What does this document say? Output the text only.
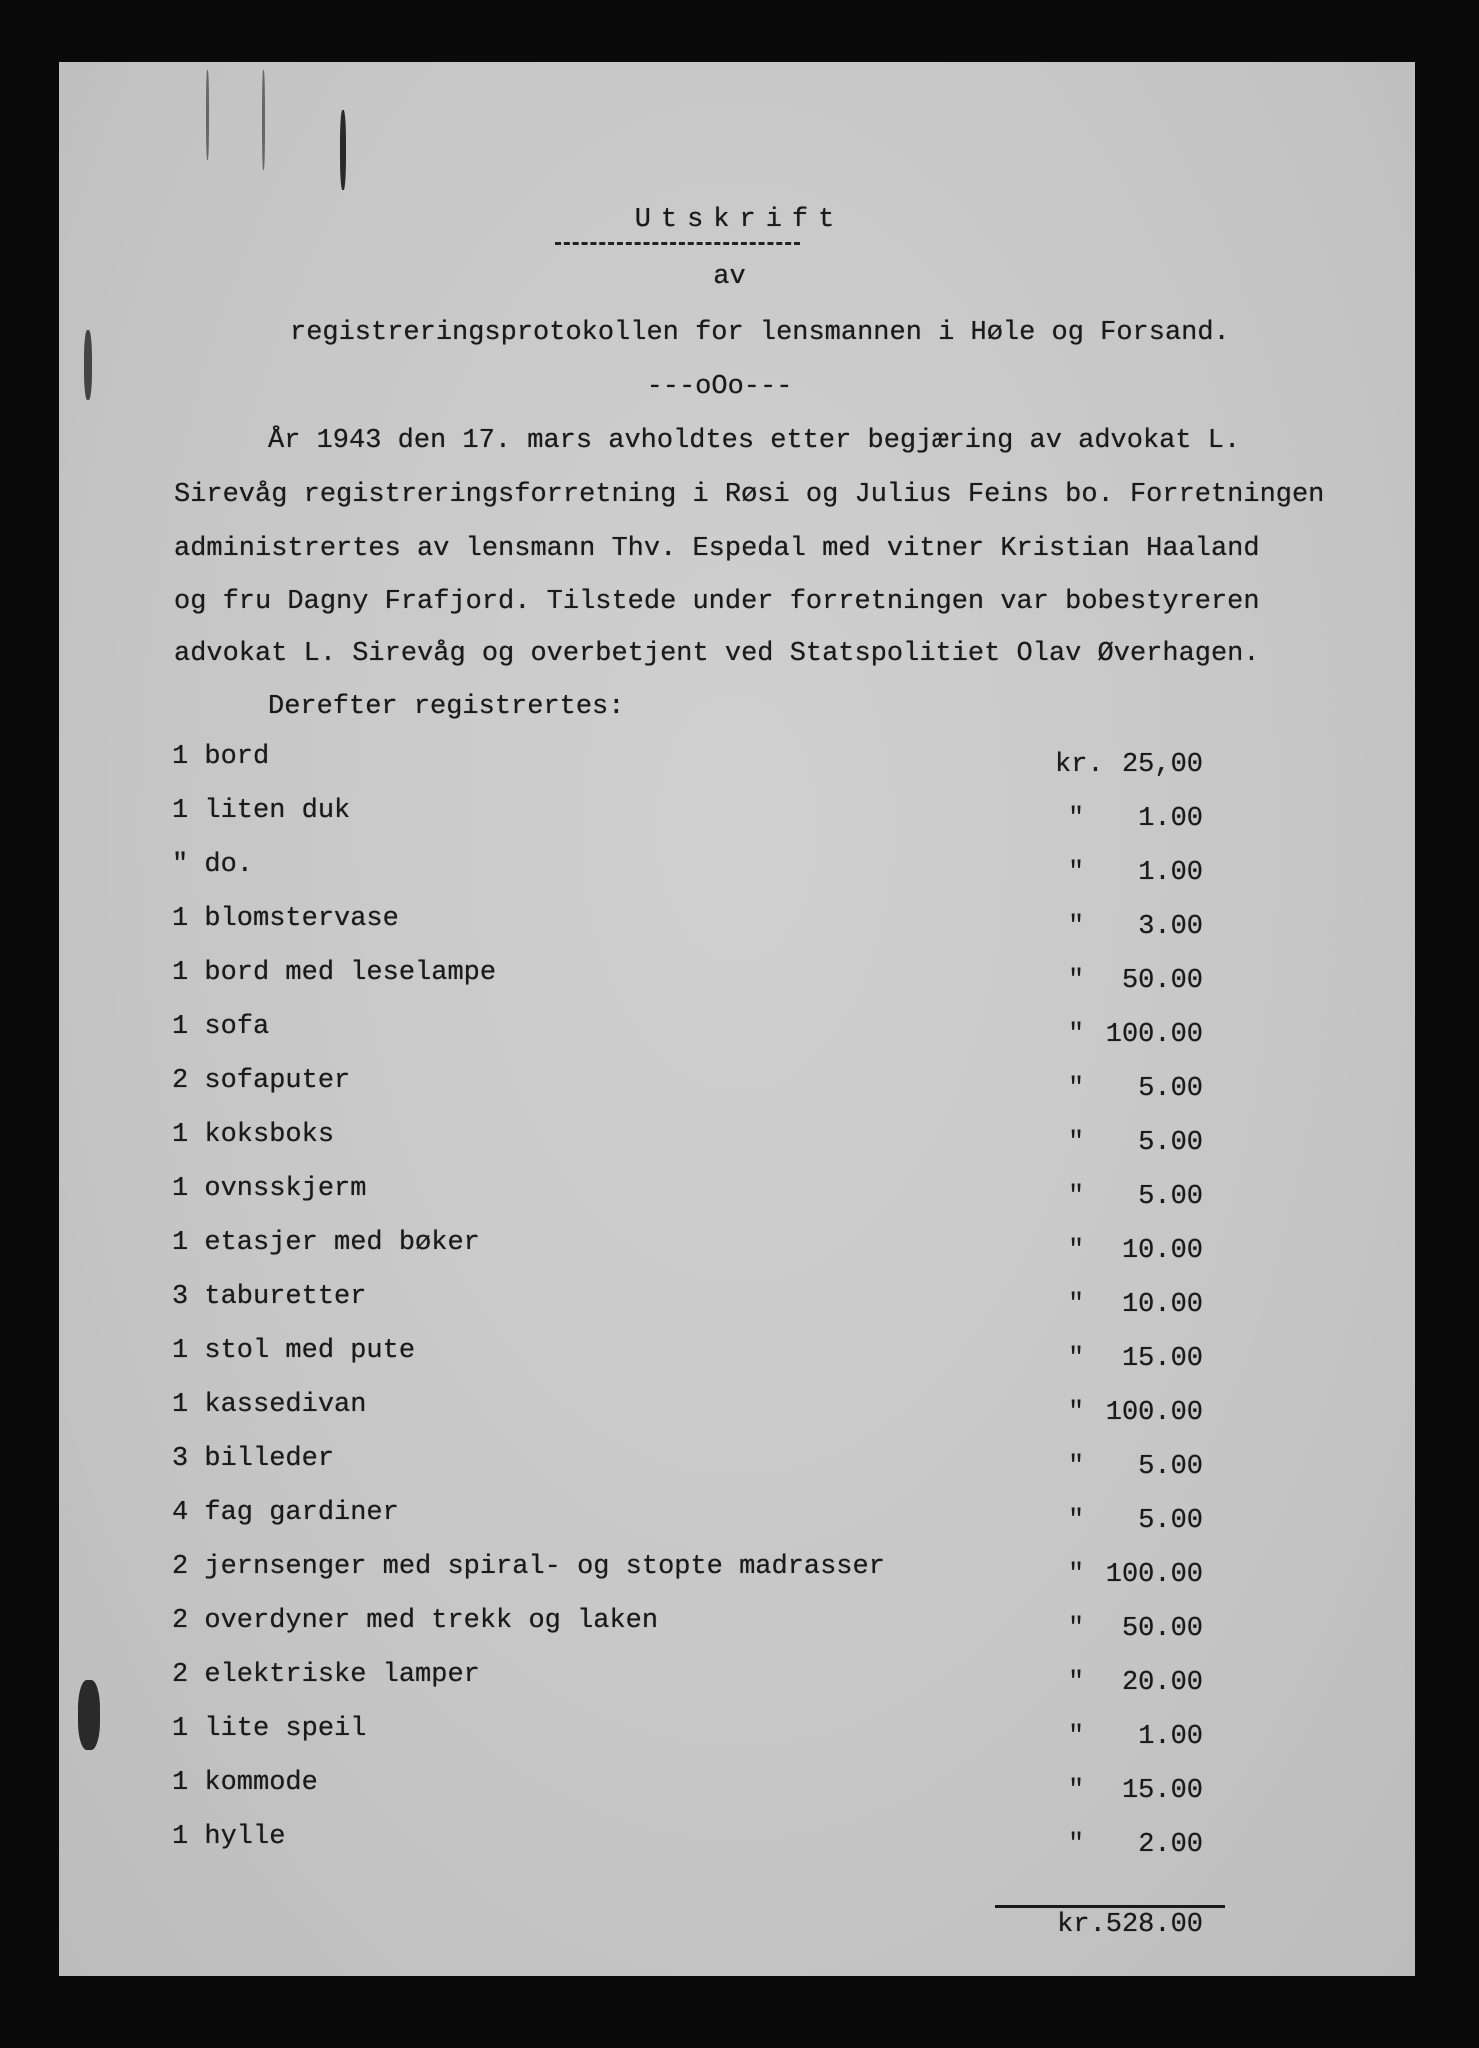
Utskrift
av
registreringsprotokollen for lensmannen i Høle og Forsand.
---oOo---
År 1943 den 17. mars avholdtes etter begjæring av advokat L.
Sirevåg registreringsforretning i Røsi og Julius Feins bo. Forretningen
administrertes av lensmann Thv. Espedal med vitner Kristian Haaland
og fru Dagny Frafjord. Tilstede under forretningen var bobestyreren
advokat L. Sirevåg og overbetjent ved Statspolitiet Olav Øverhagen.
Derefter registrertes:
1 bord	kr. 25,00
1 liten duk	"	1.00
" do.	"	1.00
1 blomstervase	"	3.00
1 bord med leselampe	"	50.00
1 sofa	" 100.00
2 sofaputer	"	5.00
1 koksboks	"	5.00
1 ovnsskjerm	"	5.00
1 etasjer med bøker	"	10.00
3 taburetter	"	10.00
1 stol med pute	"	15.00
1 kassedivan	" 100.00
3 billeder	"	5.00
4 fag gardiner	"	5.00
2 jernsenger med spiral- og stopte madrasser	" 100.00
2 overdyner med trekk og laken	"	50.00
2 elektriske lamper	"	20.00
1 lite speil	"	1.00
1 kommode	"	15.00
1 hylle	"	2.00
kr.528.00
